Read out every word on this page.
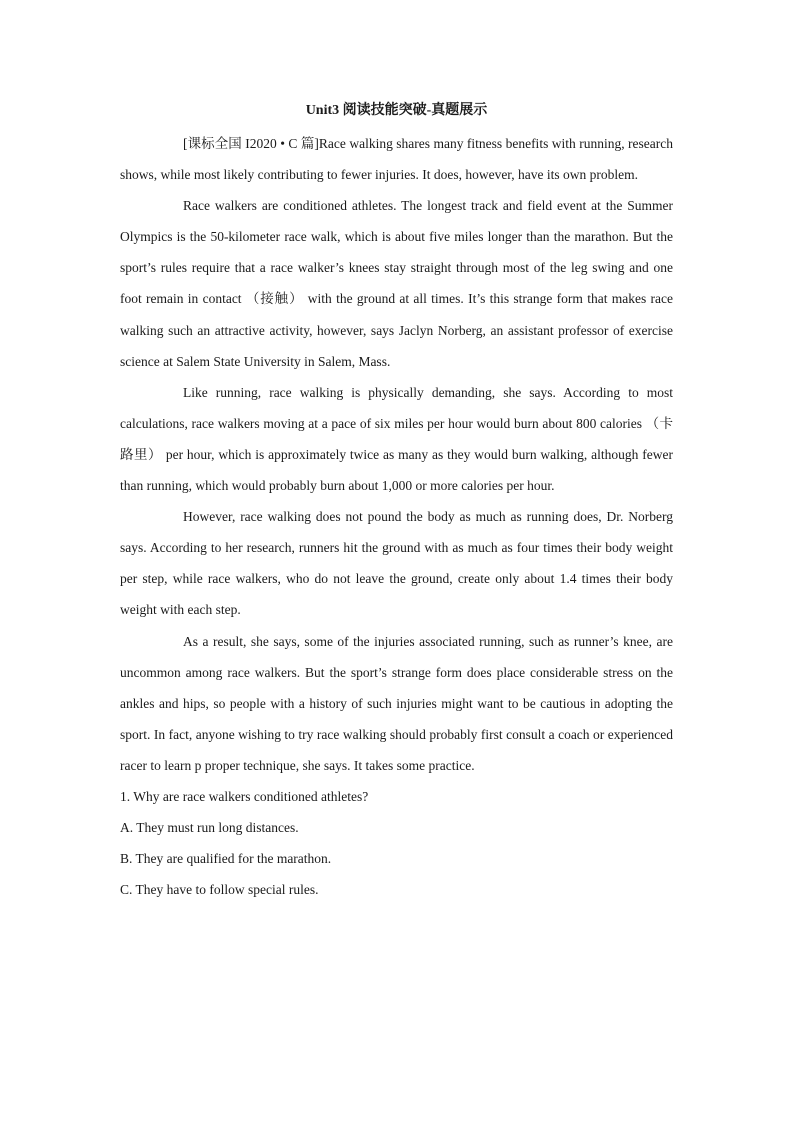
Unit3 阅读技能突破-真题展示

[课标全国 I2020 • C 篇]Race walking shares many fitness benefits with running, research shows, while most likely contributing to fewer injuries. It does, however, have its own problem.

Race walkers are conditioned athletes. The longest track and field event at the Summer Olympics is the 50-kilometer race walk, which is about five miles longer than the marathon. But the sport’s rules require that a race walker’s knees stay straight through most of the leg swing and one foot remain in contact （接触） with the ground at all times. It’s this strange form that makes race walking such an attractive activity, however, says Jaclyn Norberg, an assistant professor of exercise science at Salem State University in Salem, Mass.

Like running, race walking is physically demanding, she says. According to most calculations, race walkers moving at a pace of six miles per hour would burn about 800 calories （卡路里） per hour, which is approximately twice as many as they would burn walking, although fewer than running, which would probably burn about 1,000 or more calories per hour.

However, race walking does not pound the body as much as running does, Dr. Norberg says. According to her research, runners hit the ground with as much as four times their body weight per step, while race walkers, who do not leave the ground, create only about 1.4 times their body weight with each step.

As a result, she says, some of the injuries associated running, such as runner’s knee, are uncommon among race walkers. But the sport’s strange form does place considerable stress on the ankles and hips, so people with a history of such injuries might want to be cautious in adopting the sport. In fact, anyone wishing to try race walking should probably first consult a coach or experienced racer to learn p proper technique, she says. It takes some practice.

1. Why are race walkers conditioned athletes?

A. They must run long distances.

B. They are qualified for the marathon.

C. They have to follow special rules.
